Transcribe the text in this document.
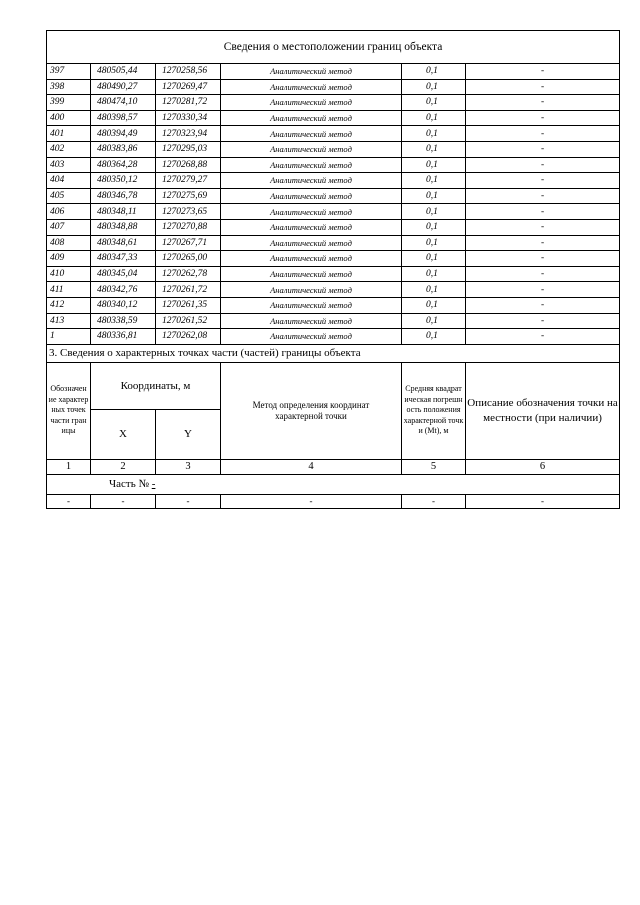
Сведения о местоположении границ объекта					
397	480505,44	1270258,56	Аналитический метод	0,1	-
398	480490,27	1270269,47	Аналитический метод	0,1	-
399	480474,10	1270281,72	Аналитический метод	0,1	-
400	480398,57	1270330,34	Аналитический метод	0,1	-
401	480394,49	1270323,94	Аналитический метод	0,1	-
402	480383,86	1270295,03	Аналитический метод	0,1	-
403	480364,28	1270268,88	Аналитический метод	0,1	-
404	480350,12	1270279,27	Аналитический метод	0,1	-
405	480346,78	1270275,69	Аналитический метод	0,1	-
406	480348,11	1270273,65	Аналитический метод	0,1	-
407	480348,88	1270270,88	Аналитический метод	0,1	-
408	480348,61	1270267,71	Аналитический метод	0,1	-
409	480347,33	1270265,00	Аналитический метод	0,1	-
410	480345,04	1270262,78	Аналитический метод	0,1	-
411	480342,76	1270261,72	Аналитический метод	0,1	-
412	480340,12	1270261,35	Аналитический метод	0,1	-
413	480338,59	1270261,52	Аналитический метод	0,1	-
1	480336,81	1270262,08	Аналитический метод	0,1	-
3. Сведения о характерных точках части (частей) границы объекта					
Обозначение характерных точек части границы	Координаты, м		Метод определения координат характерной точки	Средняя квадратическая погрешность положения характерной точки (Mt), м	Описание обозначения точки на местности (при наличии)
	X	Y			
1	2	3	4	5	6
Часть № -					
-	-	-	-	-	-
